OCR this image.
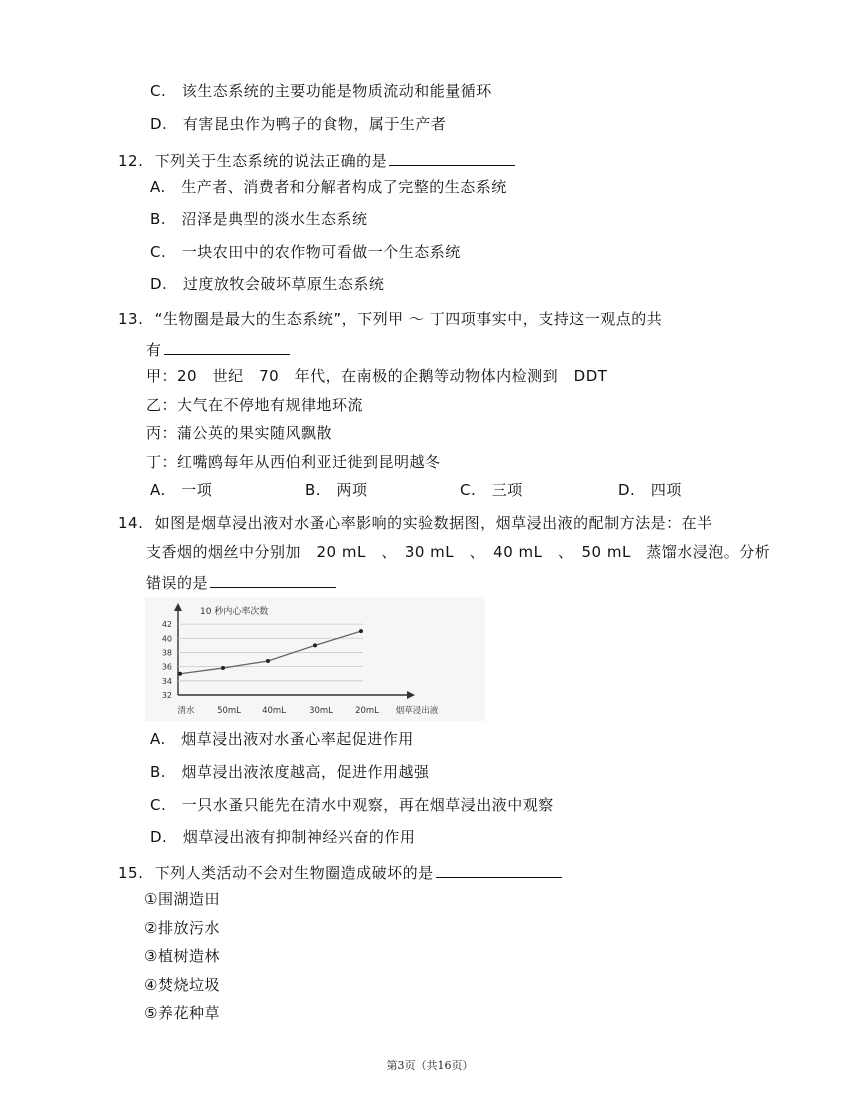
C.　该生态系统的主要功能是物质流动和能量循环
D.　有害昆虫作为鸭子的食物，属于生产者
12. 下列关于生态系统的说法正确的是
A.　生产者、消费者和分解者构成了完整的生态系统
B.　沼泽是典型的淡水生态系统
C.　一块农田中的农作物可看做一个生态系统
D.　过度放牧会破坏草原生态系统
13. “生物圈是最大的生态系统”，下列甲 ～ 丁四项事实中，支持这一观点的共
有
甲：20　世纪　70　年代，在南极的企鹅等动物体内检测到　DDT
乙：大气在不停地有规律地环流
丙：蒲公英的果实随风飘散
丁：红嘴鸥每年从西伯利亚迁徙到昆明越冬
A.　一项	B.　两项	C.　三项	D.　四项
14. 如图是烟草浸出液对水蚤心率影响的实验数据图，烟草浸出液的配制方法是：在半
支香烟的烟丝中分别加　20 mL　、　30 mL　、　40 mL　、　50 mL　蒸馏水浸泡。分析
错误的是
32
34
36
38
40
42
10 秒内心率次数
清水	50mL 40mL	30mL	20mL 烟草浸出液
A.　烟草浸出液对水蚤心率起促进作用
B.　烟草浸出液浓度越高，促进作用越强
C.　一只水蚤只能先在清水中观察，再在烟草浸出液中观察
D.　烟草浸出液有抑制神经兴奋的作用
15. 下列人类活动不会对生物圈造成破坏的是
①围湖造田
②排放污水
③植树造林
④焚烧垃圾
⑤养花种草
第3页（共16页）
